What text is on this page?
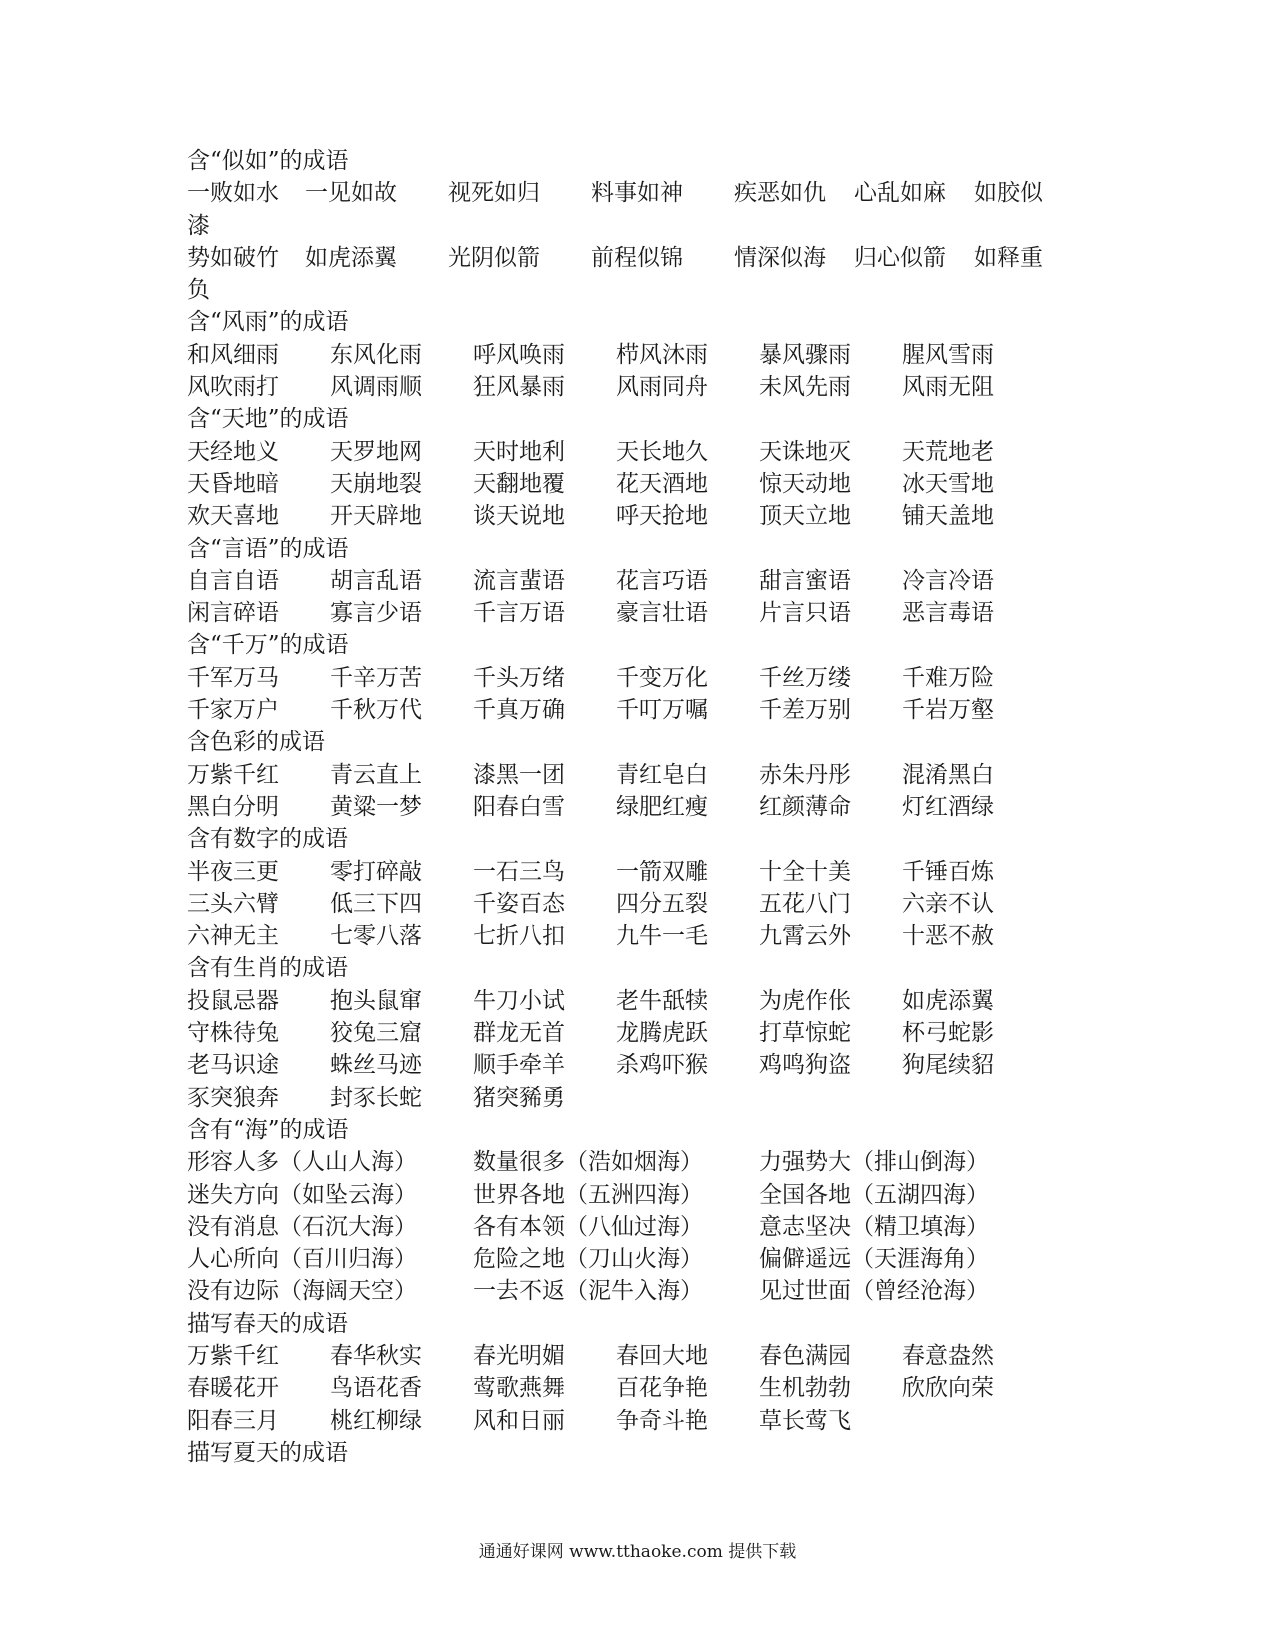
含“似如”的成语
一败如水 一见如故 视死如归 料事如神 疾恶如仇 心乱如麻 如胶似
漆
势如破竹 如虎添翼 光阴似箭 前程似锦 情深似海 归心似箭 如释重
负
含“风雨”的成语
和风细雨 东风化雨 呼风唤雨 栉风沐雨 暴风骤雨 腥风雪雨
风吹雨打 风调雨顺 狂风暴雨 风雨同舟 未风先雨 风雨无阻
含“天地”的成语
天经地义 天罗地网 天时地利 天长地久 天诛地灭 天荒地老
天昏地暗 天崩地裂 天翻地覆 花天酒地 惊天动地 冰天雪地
欢天喜地 开天辟地 谈天说地 呼天抢地 顶天立地 铺天盖地
含“言语”的成语
自言自语 胡言乱语 流言蜚语 花言巧语 甜言蜜语 冷言冷语
闲言碎语 寡言少语 千言万语 豪言壮语 片言只语 恶言毒语
含“千万”的成语
千军万马 千辛万苦 千头万绪 千变万化 千丝万缕 千难万险
千家万户 千秋万代 千真万确 千叮万嘱 千差万别 千岩万壑
含色彩的成语
万紫千红 青云直上 漆黑一团 青红皂白 赤朱丹彤 混淆黑白
黑白分明 黄粱一梦 阳春白雪 绿肥红瘦 红颜薄命 灯红酒绿
含有数字的成语
半夜三更 零打碎敲 一石三鸟 一箭双雕 十全十美 千锤百炼
三头六臂 低三下四 千姿百态 四分五裂 五花八门 六亲不认
六神无主 七零八落 七折八扣 九牛一毛 九霄云外 十恶不赦
含有生肖的成语
投鼠忌器 抱头鼠窜 牛刀小试 老牛舐犊 为虎作伥 如虎添翼
守株待兔 狡兔三窟 群龙无首 龙腾虎跃 打草惊蛇 杯弓蛇影
老马识途 蛛丝马迹 顺手牵羊 杀鸡吓猴 鸡鸣狗盗 狗尾续貂
豕突狼奔 封豕长蛇 猪突豨勇
含有“海”的成语
形容人多（人山人海） 数量很多（浩如烟海） 力强势大（排山倒海）
迷失方向（如坠云海） 世界各地（五洲四海） 全国各地（五湖四海）
没有消息（石沉大海） 各有本领（八仙过海） 意志坚决（精卫填海）
人心所向（百川归海） 危险之地（刀山火海） 偏僻遥远（天涯海角）
没有边际（海阔天空） 一去不返（泥牛入海） 见过世面（曾经沧海）
描写春天的成语
万紫千红 春华秋实 春光明媚 春回大地 春色满园 春意盎然
春暖花开 鸟语花香 莺歌燕舞 百花争艳 生机勃勃 欣欣向荣
阳春三月 桃红柳绿 风和日丽 争奇斗艳 草长莺飞
描写夏天的成语
通通好课网 www.tthaoke.com 提供下载
